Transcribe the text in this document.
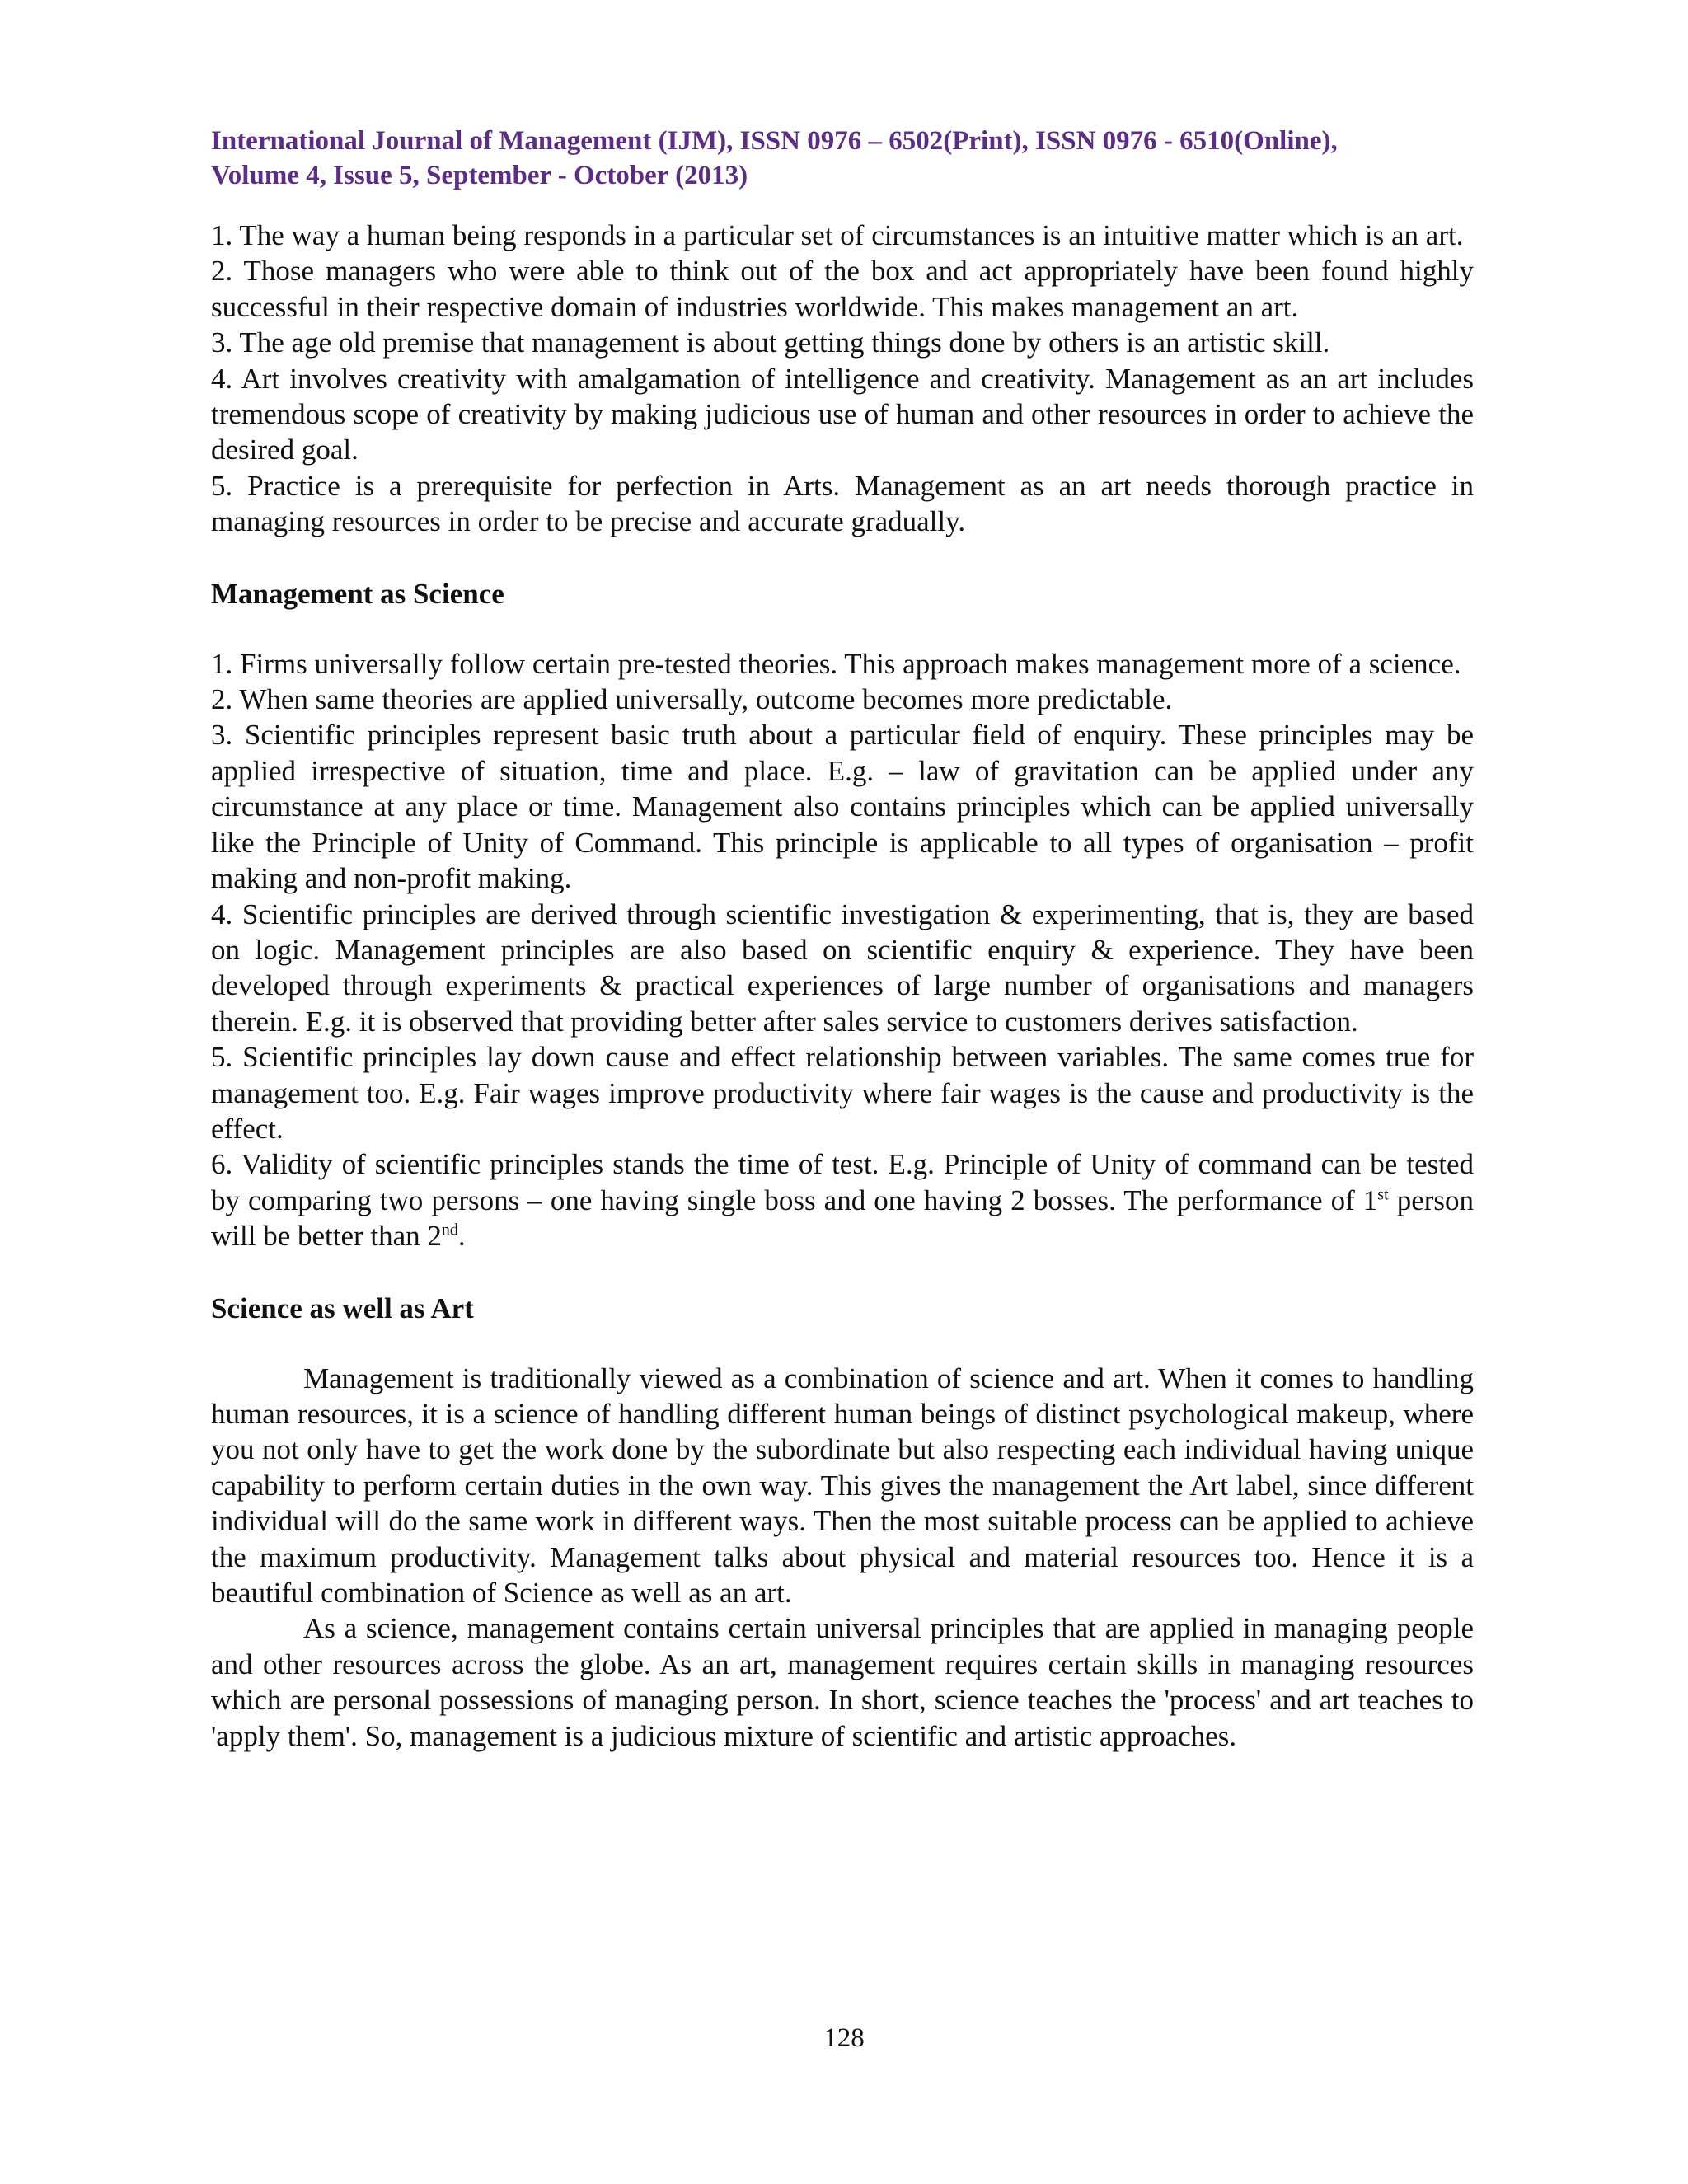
International Journal of Management (IJM), ISSN 0976 – 6502(Print), ISSN 0976 - 6510(Online),

Volume 4, Issue 5, September - October (2013)

1. The way a human being responds in a particular set of circumstances is an intuitive matter which is an art.

2. Those managers who were able to think out of the box and act appropriately have been found highly successful in their respective domain of industries worldwide. This makes management an art.

3. The age old premise that management is about getting things done by others is an artistic skill.

4. Art involves creativity with amalgamation of intelligence and creativity. Management as an art includes tremendous scope of creativity by making judicious use of human and other resources in order to achieve the desired goal.

5. Practice is a prerequisite for perfection in Arts. Management as an art needs thorough practice in managing resources in order to be precise and accurate gradually.

Management as Science

1. Firms universally follow certain pre-tested theories. This approach makes management more of a science.

2. When same theories are applied universally, outcome becomes more predictable.

3. Scientific principles represent basic truth about a particular field of enquiry. These principles may be applied irrespective of situation, time and place. E.g. – law of gravitation can be applied under any circumstance at any place or time. Management also contains principles which can be applied universally like the Principle of Unity of Command. This principle is applicable to all types of organisation – profit making and non-profit making.

4. Scientific principles are derived through scientific investigation & experimenting, that is, they are based on logic. Management principles are also based on scientific enquiry & experience. They have been developed through experiments & practical experiences of large number of organisations and managers therein. E.g. it is observed that providing better after sales service to customers derives satisfaction.

5. Scientific principles lay down cause and effect relationship between variables. The same comes true for management too. E.g. Fair wages improve productivity where fair wages is the cause and productivity is the effect.

6. Validity of scientific principles stands the time of test. E.g. Principle of Unity of command can be tested by comparing two persons – one having single boss and one having 2 bosses. The performance of 1st person will be better than 2nd.

Science as well as Art

Management is traditionally viewed as a combination of science and art. When it comes to handling human resources, it is a science of handling different human beings of distinct psychological makeup, where you not only have to get the work done by the subordinate but also respecting each individual having unique capability to perform certain duties in the own way. This gives the management the Art label, since different individual will do the same work in different ways. Then the most suitable process can be applied to achieve the maximum productivity. Management talks about physical and material resources too. Hence it is a beautiful combination of Science as well as an art.

As a science, management contains certain universal principles that are applied in managing people and other resources across the globe. As an art, management requires certain skills in managing resources which are personal possessions of managing person. In short, science teaches the 'process' and art teaches to 'apply them'. So, management is a judicious mixture of scientific and artistic approaches.

128
